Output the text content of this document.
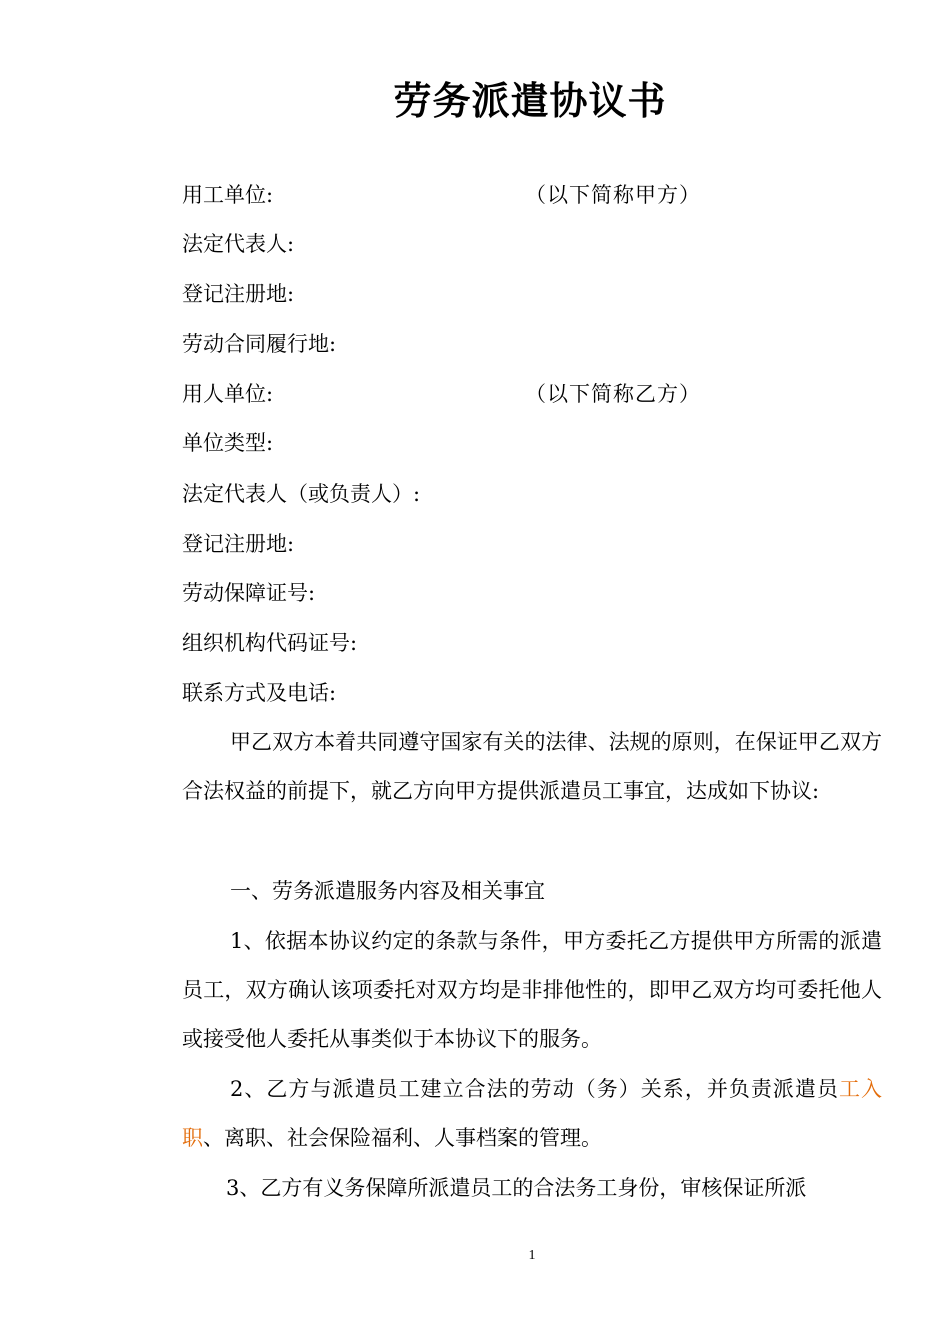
劳务派遣协议书
用工单位:	（以下简称甲方）
法定代表人:
登记注册地:
劳动合同履行地:
用人单位:	（以下简称乙方）
单位类型:
法定代表人（或负责人）:
登记注册地:
劳动保障证号:
组织机构代码证号:
联系方式及电话:
甲乙双方本着共同遵守国家有关的法律、法规的原则，在保证甲乙双方合法权益的前提下，就乙方向甲方提供派遣员工事宜，达成如下协议:
一、劳务派遣服务内容及相关事宜
1、依据本协议约定的条款与条件，甲方委托乙方提供甲方所需的派遣员工，双方确认该项委托对双方均是非排他性的，即甲乙双方均可委托他人或接受他人委托从事类似于本协议下的服务。
2、乙方与派遣员工建立合法的劳动（务）关系，并负责派遣员工入职、离职、社会保险福利、人事档案的管理。
3、乙方有义务保障所派遣员工的合法务工身份，审核保证所派
1
